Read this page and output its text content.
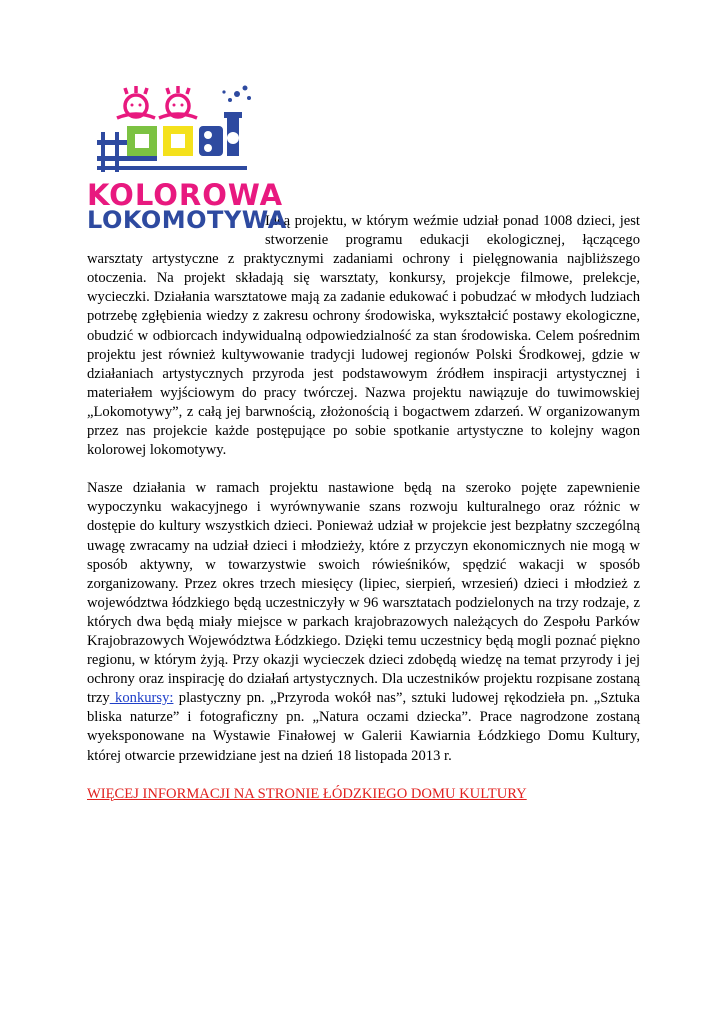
KOLOROWA
LOKOMOTYWA

Ideą projektu, w którym weźmie udział ponad 1008 dzieci, jest stworzenie programu edukacji ekologicznej, łączącego warsztaty artystyczne z praktycznymi zadaniami ochrony i pielęgnowania najbliższego otoczenia. Na projekt składają się warsztaty, konkursy, projekcje filmowe, prelekcje, wycieczki. Działania warsztatowe mają za zadanie edukować i pobudzać w młodych ludziach potrzebę zgłębienia wiedzy z zakresu ochrony środowiska, wykształcić postawy ekologiczne, obudzić w odbiorcach indywidualną odpowiedzialność za stan środowiska. Celem pośrednim projektu jest również kultywowanie tradycji ludowej regionów Polski Środkowej, gdzie w działaniach artystycznych przyroda jest podstawowym źródłem inspiracji artystycznej i materiałem wyjściowym do pracy twórczej. Nazwa projektu nawiązuje do tuwimowskiej „Lokomotywy”, z całą jej barwnością, złożonością i bogactwem zdarzeń. W organizowanym przez nas projekcie każde postępujące po sobie spotkanie artystyczne to kolejny wagon kolorowej lokomotywy.

Nasze działania w ramach projektu nastawione będą na szeroko pojęte zapewnienie wypoczynku wakacyjnego i wyrównywanie szans rozwoju kulturalnego oraz różnic w dostępie do kultury wszystkich dzieci. Ponieważ udział w projekcie jest bezpłatny szczególną uwagę zwracamy na udział dzieci i młodzieży, które z przyczyn ekonomicznych nie mogą w sposób aktywny, w towarzystwie swoich rówieśników, spędzić wakacji w sposób zorganizowany. Przez okres trzech miesięcy (lipiec, sierpień, wrzesień) dzieci i młodzież z województwa łódzkiego będą uczestniczyły w 96 warsztatach podzielonych na trzy rodzaje, z których dwa będą miały miejsce w parkach krajobrazowych należących do Zespołu Parków Krajobrazowych Województwa Łódzkiego. Dzięki temu uczestnicy będą mogli poznać piękno regionu, w którym żyją. Przy okazji wycieczek dzieci zdobędą wiedzę na temat przyrody i jej ochrony oraz inspirację do działań artystycznych. Dla uczestników projektu rozpisane zostaną trzy konkursy: plastyczny pn. „Przyroda wokół nas”, sztuki ludowej rękodzieła pn. „Sztuka bliska naturze” i fotograficzny pn. „Natura oczami dziecka”. Prace nagrodzone zostaną wyeksponowane na Wystawie Finałowej w Galerii Kawiarnia Łódzkiego Domu Kultury, której otwarcie przewidziane jest na dzień 18 listopada 2013 r.

WIĘCEJ INFORMACJI NA STRONIE ŁÓDZKIEGO DOMU KULTURY
